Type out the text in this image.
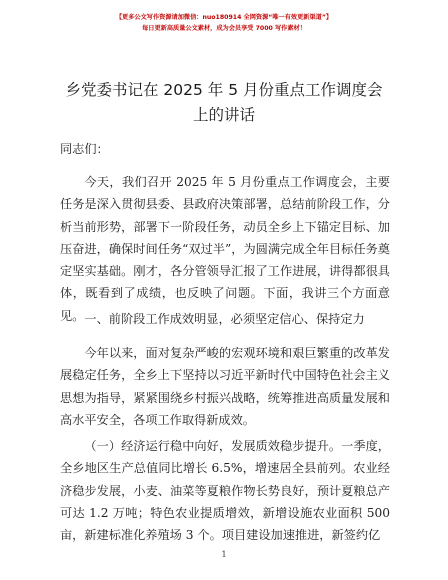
【更多公文写作资源请加微信：nuo180914 全网资源“唯一有效更新渠道”】
每日更新高质量公文素材，成为会员享受 7000 写作素材！
乡党委书记在 2025 年 5 月份重点工作调度会上的讲话
同志们：
今天，我们召开 2025 年 5 月份重点工作调度会，主要任务是深入贯彻县委、县政府决策部署，总结前阶段工作，分析当前形势，部署下一阶段任务，动员全乡上下锚定目标、加压奋进，确保时间任务“双过半”，为圆满完成全年目标任务奠定坚实基础。刚才，各分管领导汇报了工作进展，讲得都很具体，既看到了成绩，也反映了问题。下面，我讲三个方面意见。 一、前阶段工作成效明显，必须坚定信心、保持定力
今年以来，面对复杂严峻的宏观环境和艰巨繁重的改革发展稳定任务，全乡上下坚持以习近平新时代中国特色社会主义思想为指导，紧紧围绕乡村振兴战略，统筹推进高质量发展和高水平安全，各项工作取得新成效。
（一）经济运行稳中向好，发展质效稳步提升。一季度，全乡地区生产总值同比增长 6.5%，增速居全县前列。农业经济稳步发展，小麦、油菜等夏粮作物长势良好，预计夏粮总产可达 1.2 万吨；特色农业提质增效，新增设施农业面积 500 亩，新建标准化养殖场 3 个。项目建设加速推进，新签约亿
1
